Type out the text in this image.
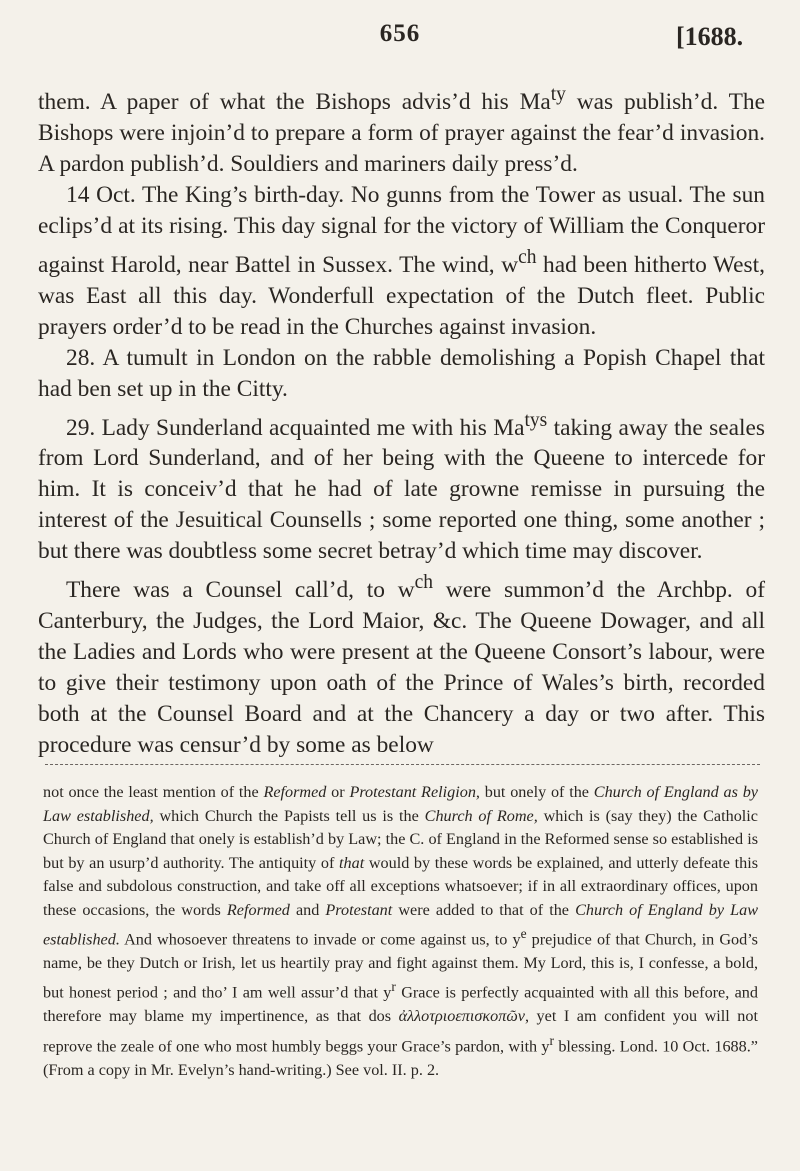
656	[1688.

them. A paper of what the Bishops advis’d his $Ma^{ty}$ was publish’d. The Bishops were injoin’d to prepare a form of prayer against the fear’d invasion. A pardon publish’d. Souldiers and mariners daily press’d.

14 Oct. The King’s birth-day. No gunns from the Tower as usual. The sun eclips’d at its rising. This day signal for the victory of William the Conqueror against Harold, near Battel in Sussex. The wind, $w^{ch}$ had been hitherto West, was East all this day. Wonderfull expectation of the Dutch fleet. Public prayers order’d to be read in the Churches against invasion.

28. A tumult in London on the rabble demolishing a Popish Chapel that had ben set up in the Citty.

29. Lady Sunderland acquainted me with his $Ma^{tys}$ taking away the seales from Lord Sunderland, and of her being with the Queene to intercede for him. It is conceiv’d that he had of late growne remisse in pursuing the interest of the Jesuitical Counsells ; some reported one thing, some another ; but there was doubtless some secret betray’d which time may discover.

There was a Counsel call’d, to $w^{ch}$ were summon’d the Archbp. of Canterbury, the Judges, the Lord Maior, &c. The Queene Dowager, and all the Ladies and Lords who were present at the Queene Consort’s labour, were to give their testimony upon oath of the Prince of Wales’s birth, recorded both at the Counsel Board and at the Chancery a day or two after. This procedure was censur’d by some as below

not once the least mention of the Reformed or Protestant Religion, but onely of the Church of England as by Law established, which Church the Papists tell us is the Church of Rome, which is (say they) the Catholic Church of England that onely is establish’d by Law; the C. of England in the Reformed sense so established is but by an usurp’d authority. The antiquity of that would by these words be explained, and utterly defeate this false and subdolous construction, and take off all exceptions whatsoever; if in all extraordinary offices, upon these occasions, the words Reformed and Protestant were added to that of the Church of England by Law established. And whosoever threatens to invade or come against us, to $y^e$ prejudice of that Church, in God’s name, be they Dutch or Irish, let us heartily pray and fight against them. My Lord, this is, I confesse, a bold, but honest period ; and tho’ I am well assur’d that $y^r$ Grace is perfectly acquainted with all this before, and therefore may blame my impertinence, as that dos ἀλλοτριοεπισκοπῶν, yet I am confident you will not reprove the zeale of one who most humbly beggs your Grace’s pardon, with $y^r$ blessing. Lond. 10 Oct. 1688.” (From a copy in Mr. Evelyn’s hand-writing.) See vol. II. p. 2.
